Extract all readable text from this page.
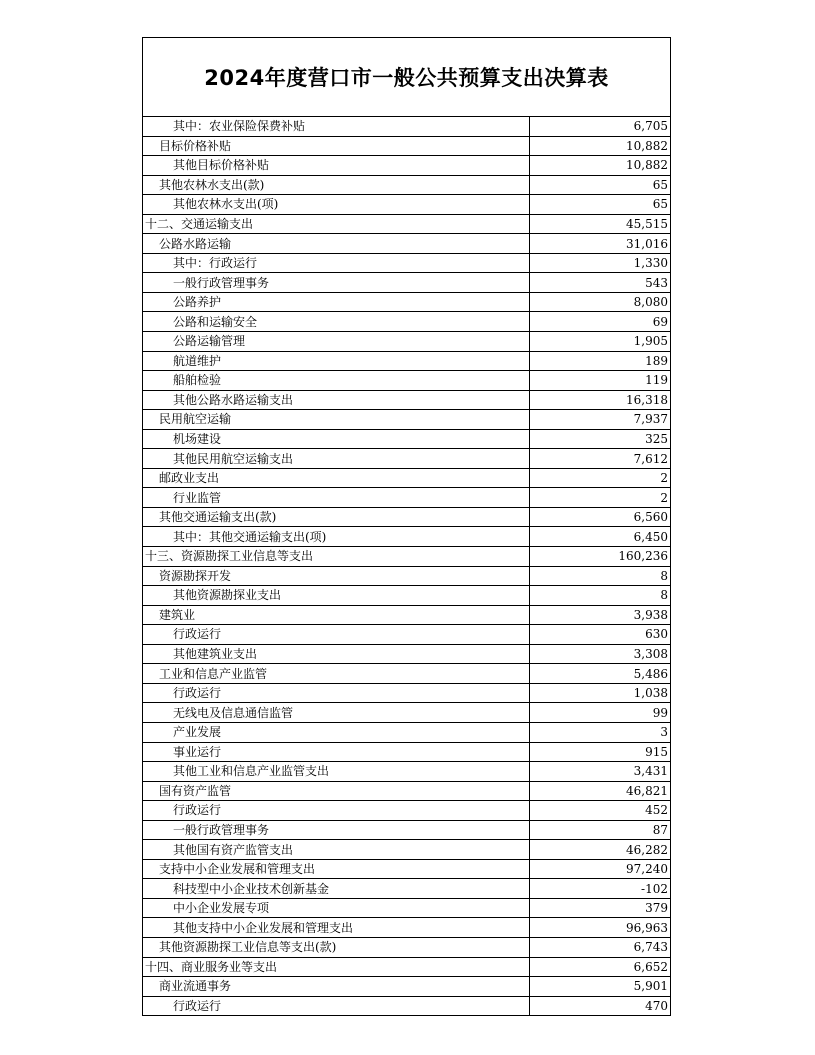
2024年度营口市一般公共预算支出决算表
其中：农业保险保费补贴	6,705
目标价格补贴	10,882
其他目标价格补贴	10,882
其他农林水支出(款)	65
其他农林水支出(项)	65
十二、交通运输支出	45,515
公路水路运输	31,016
其中：行政运行	1,330
一般行政管理事务	543
公路养护	8,080
公路和运输安全	69
公路运输管理	1,905
航道维护	189
船舶检验	119
其他公路水路运输支出	16,318
民用航空运输	7,937
机场建设	325
其他民用航空运输支出	7,612
邮政业支出	2
行业监管	2
其他交通运输支出(款)	6,560
其中：其他交通运输支出(项)	6,450
十三、资源勘探工业信息等支出	160,236
资源勘探开发	8
其他资源勘探业支出	8
建筑业	3,938
行政运行	630
其他建筑业支出	3,308
工业和信息产业监管	5,486
行政运行	1,038
无线电及信息通信监管	99
产业发展	3
事业运行	915
其他工业和信息产业监管支出	3,431
国有资产监管	46,821
行政运行	452
一般行政管理事务	87
其他国有资产监管支出	46,282
支持中小企业发展和管理支出	97,240
科技型中小企业技术创新基金	-102
中小企业发展专项	379
其他支持中小企业发展和管理支出	96,963
其他资源勘探工业信息等支出(款)	6,743
十四、商业服务业等支出	6,652
商业流通事务	5,901
行政运行	470
